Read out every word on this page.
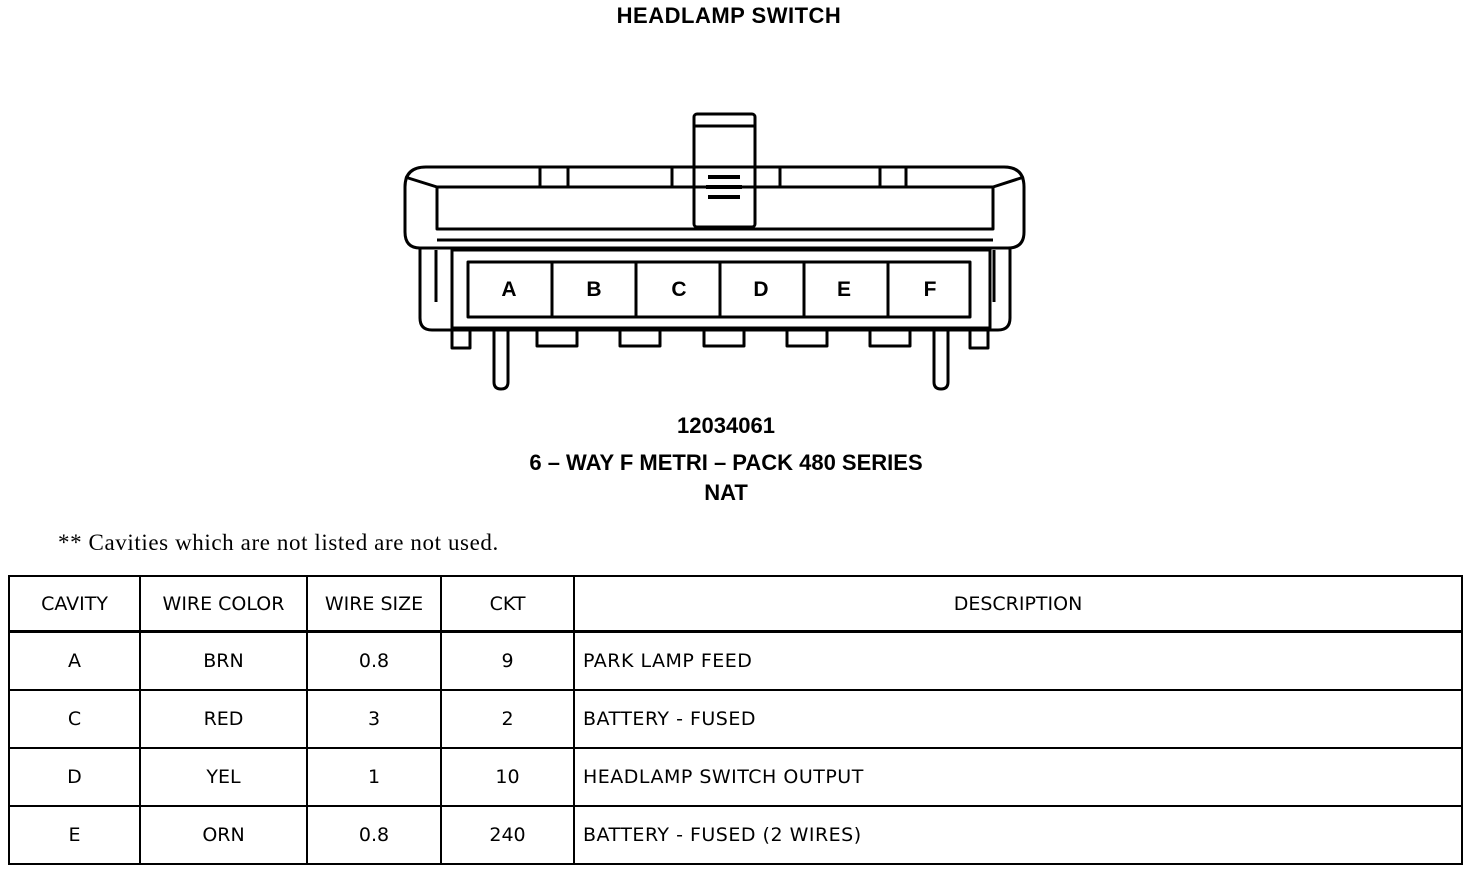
HEADLAMP SWITCH
A	B	C	D	E	F
12034061
6 – WAY F METRI – PACK 480 SERIES
NAT
** Cavities which are not listed are not used.
CAVITY	WIRE COLOR	WIRE SIZE	CKT	DESCRIPTION
A	BRN	0.8	9	PARK LAMP FEED
C	RED	3	2	BATTERY - FUSED
D	YEL	1	10	HEADLAMP SWITCH OUTPUT
E	ORN	0.8	240	BATTERY - FUSED (2 WIRES)
